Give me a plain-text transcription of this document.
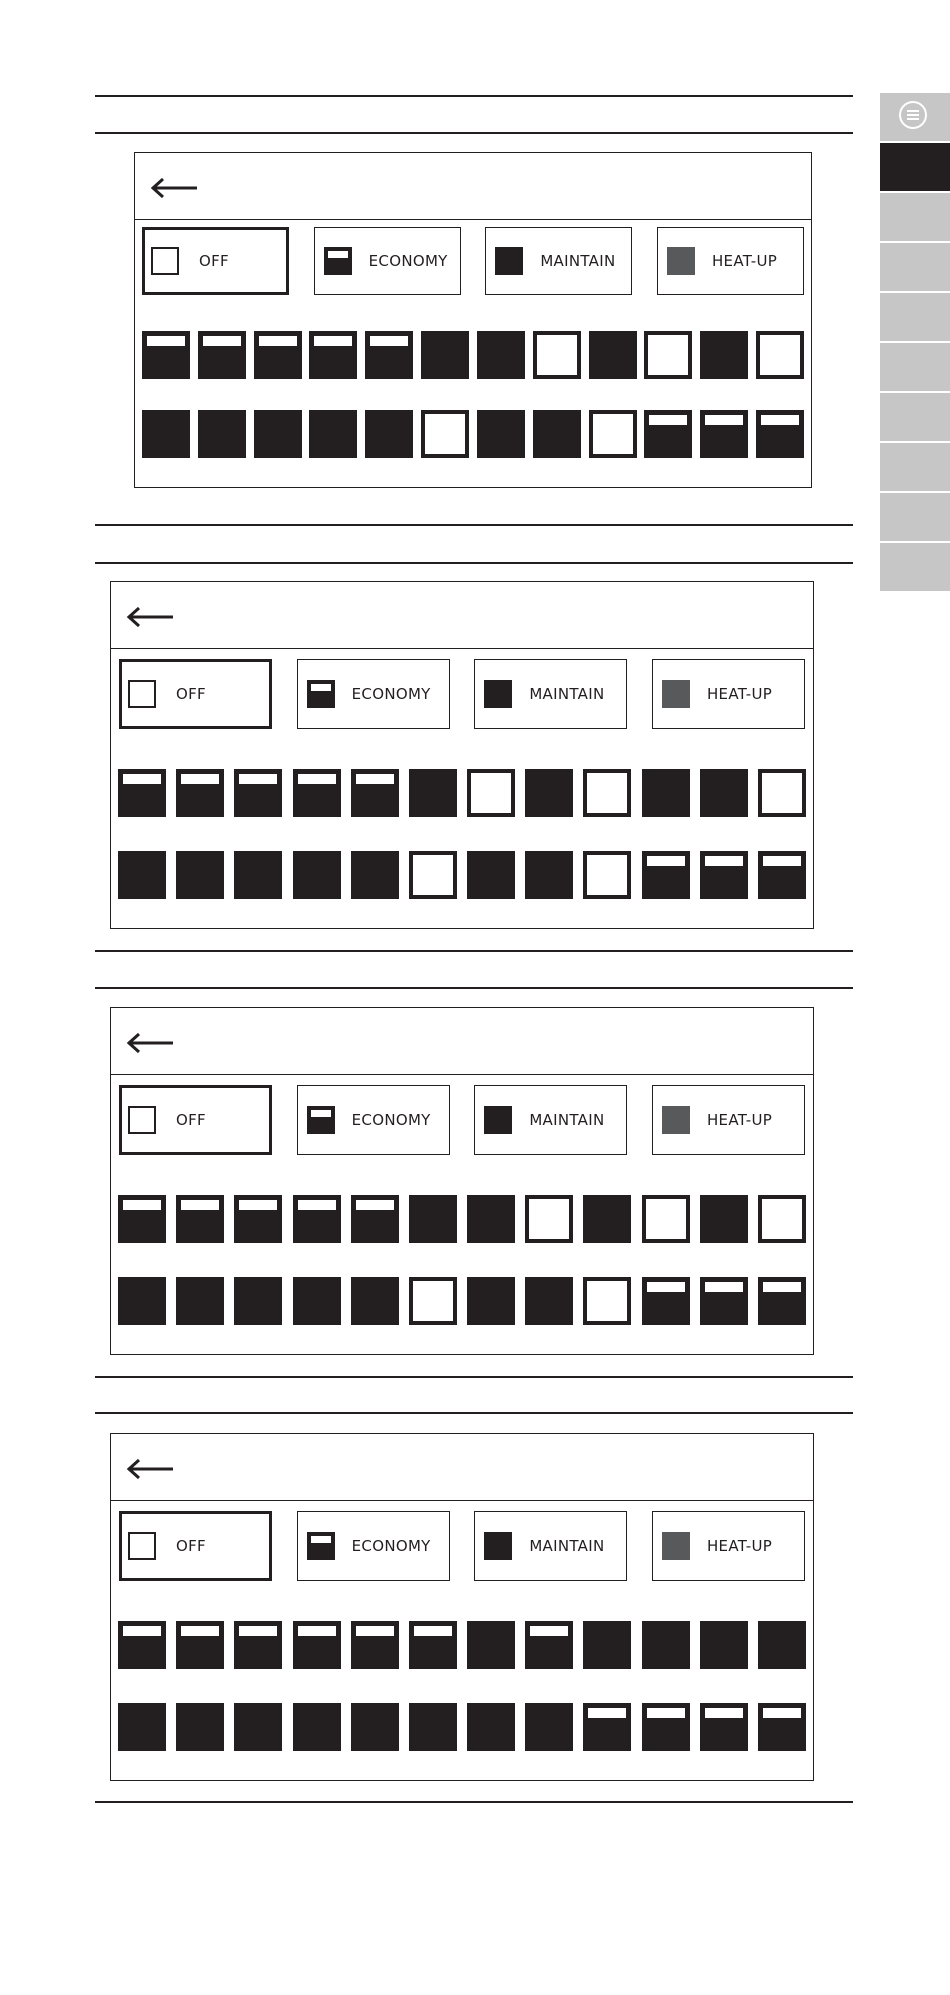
OFF	ECONOMY	MAINTAIN	HEAT-UP
OFF	ECONOMY	MAINTAIN	HEAT-UP
OFF	ECONOMY	MAINTAIN	HEAT-UP
OFF	ECONOMY	MAINTAIN	HEAT-UP
